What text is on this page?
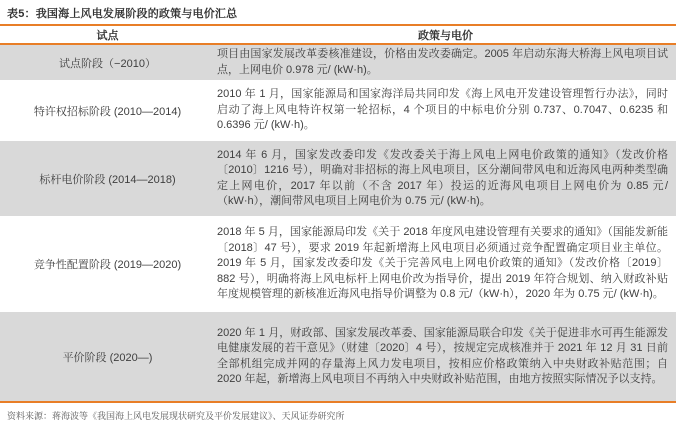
表5：我国海上风电发展阶段的政策与电价汇总
试点	政策与电价
试点阶段（−2010）
项目由国家发展改革委核准建设，价格由发改委确定。2005 年启动东海大桥海上风电项目试点，上网电价 0.978 元/ (kW·h)。
特许权招标阶段 (2010—2014)
2010 年 1 月，国家能源局和国家海洋局共同印发《海上风电开发建设管理暂行办法》，同时启动了海上风电特许权第一轮招标，4 个项目的中标电价分别 0.737、0.7047、0.6235 和 0.6396 元/ (kW·h)。
标杆电价阶段 (2014—2018)
2014 年 6 月，国家发改委印发《发改委关于海上风电上网电价政策的通知》（发改价格〔2010〕1216 号），明确对非招标的海上风电项目，区分潮间带风电和近海风电两种类型确定上网电价，2017 年以前（不含 2017 年）投运的近海风电项目上网电价为 0.85 元/（kW·h），潮间带风电项目上网电价为 0.75 元/ (kW·h)。
竞争性配置阶段 (2019—2020)
2018 年 5 月，国家能源局印发《关于 2018 年度风电建设管理有关要求的通知》（国能发新能〔2018〕47 号），要求 2019 年起新增海上风电项目必须通过竞争配置确定项目业主单位。2019 年 5 月，国家发改委印发《关于完善风电上网电价政策的通知》（发改价格〔2019〕882 号），明确将海上风电标杆上网电价改为指导价，提出 2019 年符合规划、纳入财政补贴年度规模管理的新核准近海风电指导价调整为 0.8 元/（kW·h），2020 年为 0.75 元/ (kW·h)。
平价阶段 (2020—)
2020 年 1 月，财政部、国家发展改革委、国家能源局联合印发《关于促进非水可再生能源发电健康发展的若干意见》（财建〔2020〕4 号），按规定完成核准并于 2021 年 12 月 31 日前全部机组完成并网的存量海上风力发电项目，按相应价格政策纳入中央财政补贴范围；自 2020 年起，新增海上风电项目不再纳入中央财政补贴范围，由地方按照实际情况予以支持。
资料来源：蒋海波等《我国海上风电发展现状研究及平价发展建议》、天风证券研究所
